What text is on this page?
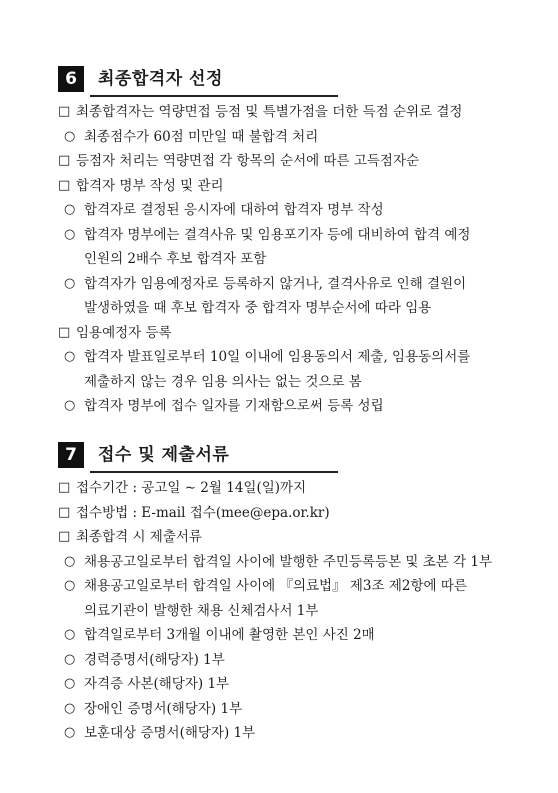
6	최종합격자 선정
□ 최종합격자는 역량면접 등점 및 특별가점을 더한 득점 순위로 결정
○ 최종점수가 60점 미만일 때 불합격 처리
□ 등점자 처리는 역량면접 각 항목의 순서에 따른 고득점자순
□ 합격자 명부 작성 및 관리
○ 합격자로 결정된 응시자에 대하여 합격자 명부 작성
○ 합격자 명부에는 결격사유 및 임용포기자 등에 대비하여 합격 예정
인원의 2배수 후보 합격자 포함
○ 합격자가 임용예정자로 등록하지 않거나, 결격사유로 인해 결원이
발생하였을 때 후보 합격자 중 합격자 명부순서에 따라 임용
□ 임용예정자 등록
○ 합격자 발표일로부터 10일 이내에 임용동의서 제출, 임용동의서를
제출하지 않는 경우 임용 의사는 없는 것으로 봄
○ 합격자 명부에 접수 일자를 기재함으로써 등록 성립
7	접수 및 제출서류
□ 접수기간 : 공고일 ∼ 2월 14일(일)까지
□ 접수방법 : E-mail 접수(mee@epa.or.kr)
□ 최종합격 시 제출서류
○ 채용공고일로부터 합격일 사이에 발행한 주민등록등본 및 초본 각 1부
○ 채용공고일로부터 합격일 사이에 『의료법』 제3조 제2항에 따른
의료기관이 발행한 채용 신체검사서 1부
○ 합격일로부터 3개월 이내에 촬영한 본인 사진 2매
○ 경력증명서(해당자) 1부
○ 자격증 사본(해당자) 1부
○ 장애인 증명서(해당자) 1부
○ 보훈대상 증명서(해당자) 1부
